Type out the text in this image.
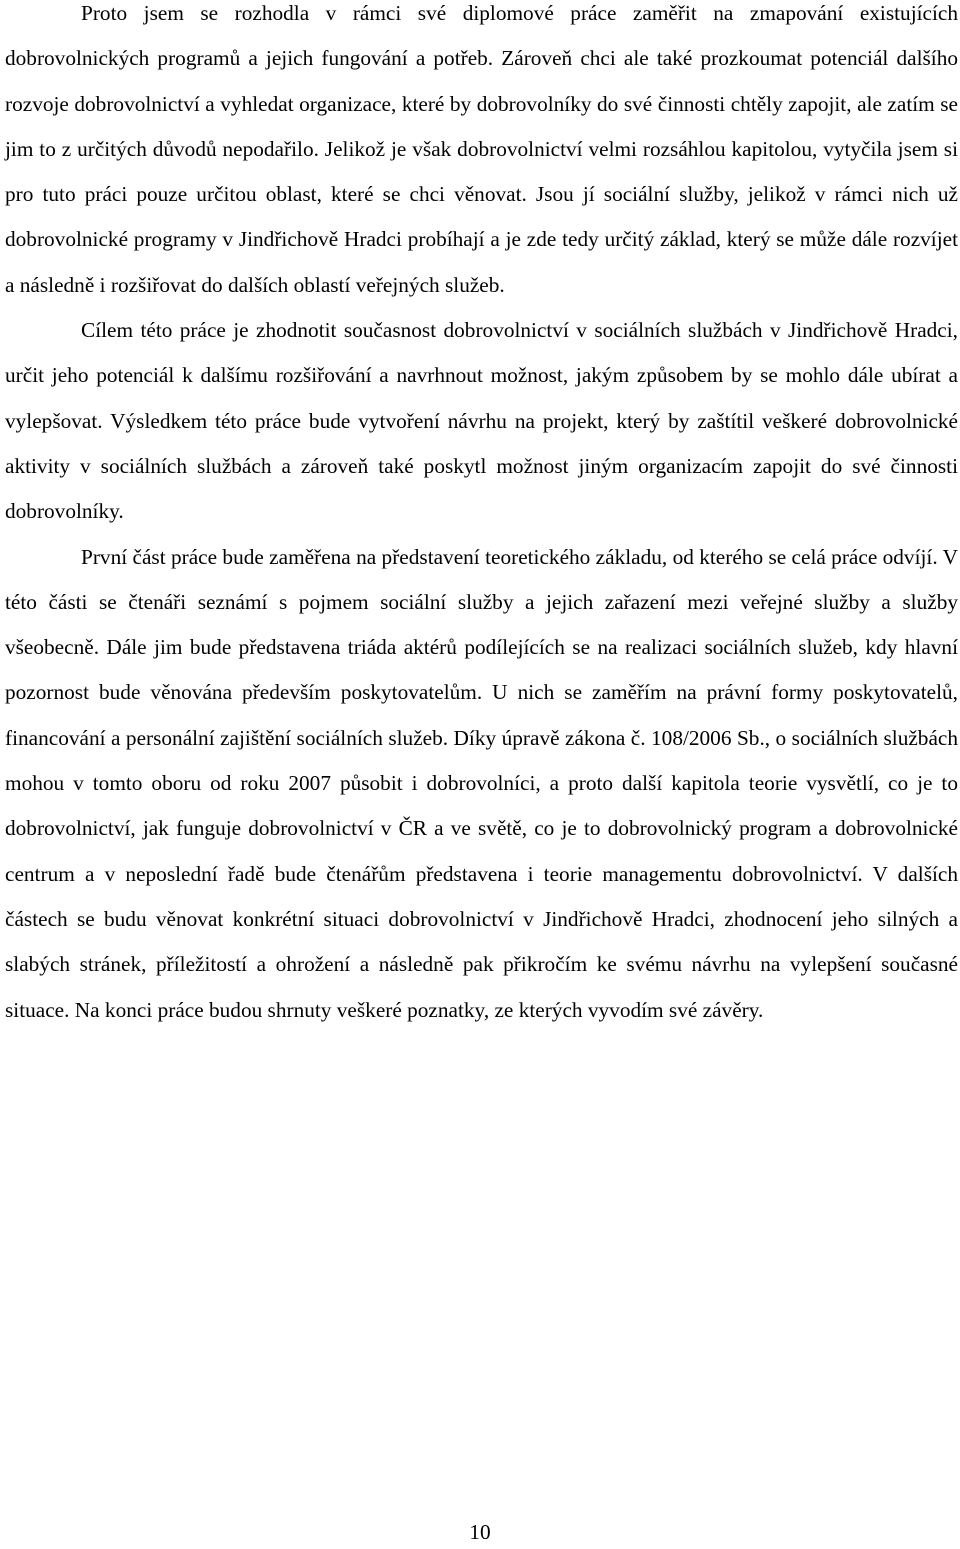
Proto jsem se rozhodla v rámci své diplomové práce zaměřit na zmapování existujících dobrovolnických programů a jejich fungování a potřeb. Zároveň chci ale také prozkoumat potenciál dalšího rozvoje dobrovolnictví a vyhledat organizace, které by dobrovolníky do své činnosti chtěly zapojit, ale zatím se jim to z určitých důvodů nepodařilo. Jelikož je však dobrovolnictví velmi rozsáhlou kapitolou, vytyčila jsem si pro tuto práci pouze určitou oblast, které se chci věnovat. Jsou jí sociální služby, jelikož v rámci nich už dobrovolnické programy v Jindřichově Hradci probíhají a je zde tedy určitý základ, který se může dále rozvíjet a následně i rozšiřovat do dalších oblastí veřejných služeb.

Cílem této práce je zhodnotit současnost dobrovolnictví v sociálních službách v Jindřichově Hradci, určit jeho potenciál k dalšímu rozšiřování a navrhnout možnost, jakým způsobem by se mohlo dále ubírat a vylepšovat. Výsledkem této práce bude vytvoření návrhu na projekt, který by zaštítil veškeré dobrovolnické aktivity v sociálních službách a zároveň také poskytl možnost jiným organizacím zapojit do své činnosti dobrovolníky.

První část práce bude zaměřena na představení teoretického základu, od kterého se celá práce odvíjí. V této části se čtenáři seznámí s pojmem sociální služby a jejich zařazení mezi veřejné služby a služby všeobecně. Dále jim bude představena triáda aktérů podílejících se na realizaci sociálních služeb, kdy hlavní pozornost bude věnována především poskytovatelům. U nich se zaměřím na právní formy poskytovatelů, financování a personální zajištění sociálních služeb. Díky úpravě zákona č. 108/2006 Sb., o sociálních službách mohou v tomto oboru od roku 2007 působit i dobrovolníci, a proto další kapitola teorie vysvětlí, co je to dobrovolnictví, jak funguje dobrovolnictví v ČR a ve světě, co je to dobrovolnický program a dobrovolnické centrum a v neposlední řadě bude čtenářům představena i teorie managementu dobrovolnictví. V dalších částech se budu věnovat konkrétní situaci dobrovolnictví v Jindřichově Hradci, zhodnocení jeho silných a slabých stránek, příležitostí a ohrožení a následně pak přikročím ke svému návrhu na vylepšení současné situace. Na konci práce budou shrnuty veškeré poznatky, ze kterých vyvodím své závěry.

10
